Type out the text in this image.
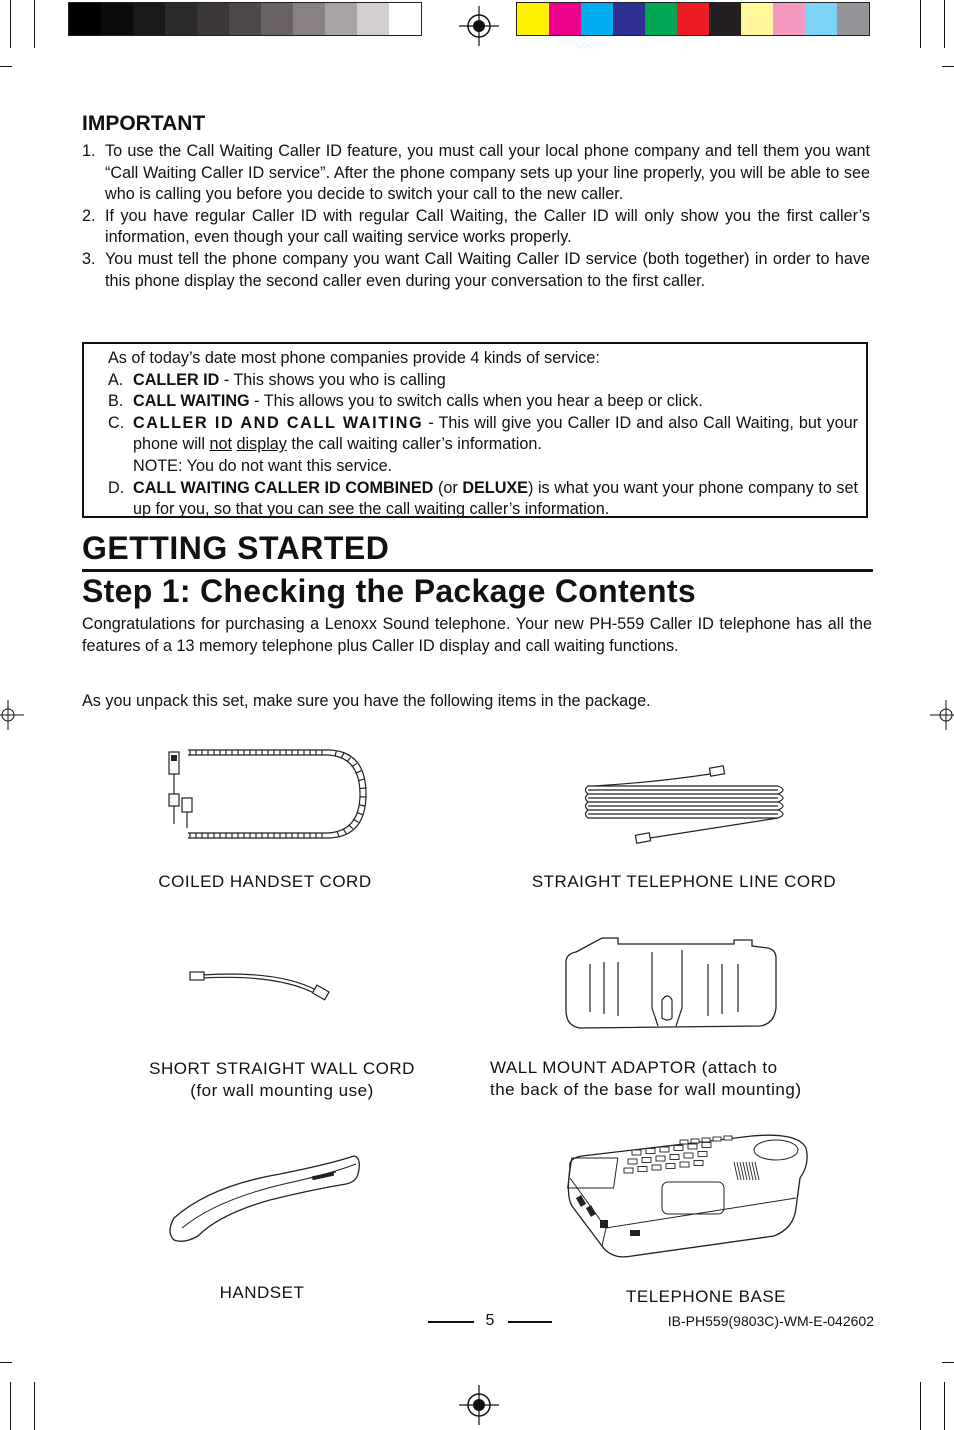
IMPORTANT
1. To use the Call Waiting Caller ID feature, you must call your local phone company and tell them you want “Call Waiting Caller ID service”. After the phone company sets up your line properly, you will be able to see who is calling you before you decide to switch your call to the new caller.
2. If you have regular Caller ID with regular Call Waiting, the Caller ID will only show you the first caller’s information, even though your call waiting service works properly.
3. You must tell the phone company you want Call Waiting Caller ID service (both together) in order to have this phone display the second caller even during your conversation to the first caller.
As of today’s date most phone companies provide 4 kinds of service:
A. CALLER ID - This shows you who is calling
B. CALL WAITING - This allows you to switch calls when you hear a beep or click.
C. CALLER ID AND CALL WAITING - This will give you Caller ID and also Call Waiting, but your phone will not display the call waiting caller’s information.
NOTE: You do not want this service.
D. CALL WAITING CALLER ID COMBINED (or DELUXE) is what you want your phone company to set up for you, so that you can see the call waiting caller’s information.
GETTING STARTED
Step 1: Checking the Package Contents
Congratulations for purchasing a Lenoxx Sound telephone. Your new PH-559 Caller ID telephone has all the features of a 13 memory telephone plus Caller ID display and call waiting functions.
As you unpack this set, make sure you have the following items in the package.
COILED HANDSET CORD	STRAIGHT TELEPHONE LINE CORD
SHORT STRAIGHT WALL CORD
(for wall mounting use)
WALL MOUNT ADAPTOR (attach to
the back of the base for wall mounting)
HANDSET	TELEPHONE BASE
5	IB-PH559(9803C)-WM-E-042602
